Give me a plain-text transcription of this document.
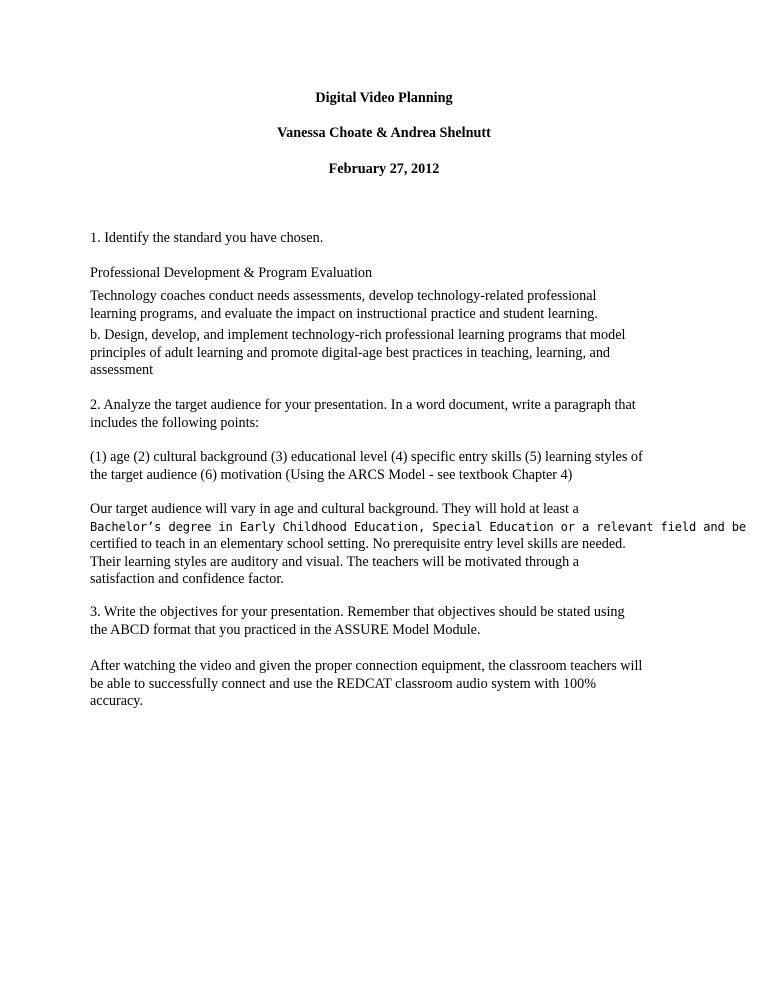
Digital Video Planning
Vanessa Choate & Andrea Shelnutt
February 27, 2012
1. Identify the standard you have chosen.
Professional Development & Program Evaluation
Technology coaches conduct needs assessments, develop technology-related professional
learning programs, and evaluate the impact on instructional practice and student learning.
b. Design, develop, and implement technology-rich professional learning programs that model
principles of adult learning and promote digital-age best practices in teaching, learning, and
assessment
2. Analyze the target audience for your presentation. In a word document, write a paragraph that
includes the following points:
(1) age (2) cultural background (3) educational level (4) specific entry skills (5) learning styles of
the target audience (6) motivation (Using the ARCS Model - see textbook Chapter 4)
Our target audience will vary in age and cultural background. They will hold at least a
Bachelor’s degree in Early Childhood Education, Special Education or a relevant field and be
certified to teach in an elementary school setting. No prerequisite entry level skills are needed.
Their learning styles are auditory and visual. The teachers will be motivated through a
satisfaction and confidence factor.
3. Write the objectives for your presentation. Remember that objectives should be stated using
the ABCD format that you practiced in the ASSURE Model Module.
After watching the video and given the proper connection equipment, the classroom teachers will
be able to successfully connect and use the REDCAT classroom audio system with 100%
accuracy.
